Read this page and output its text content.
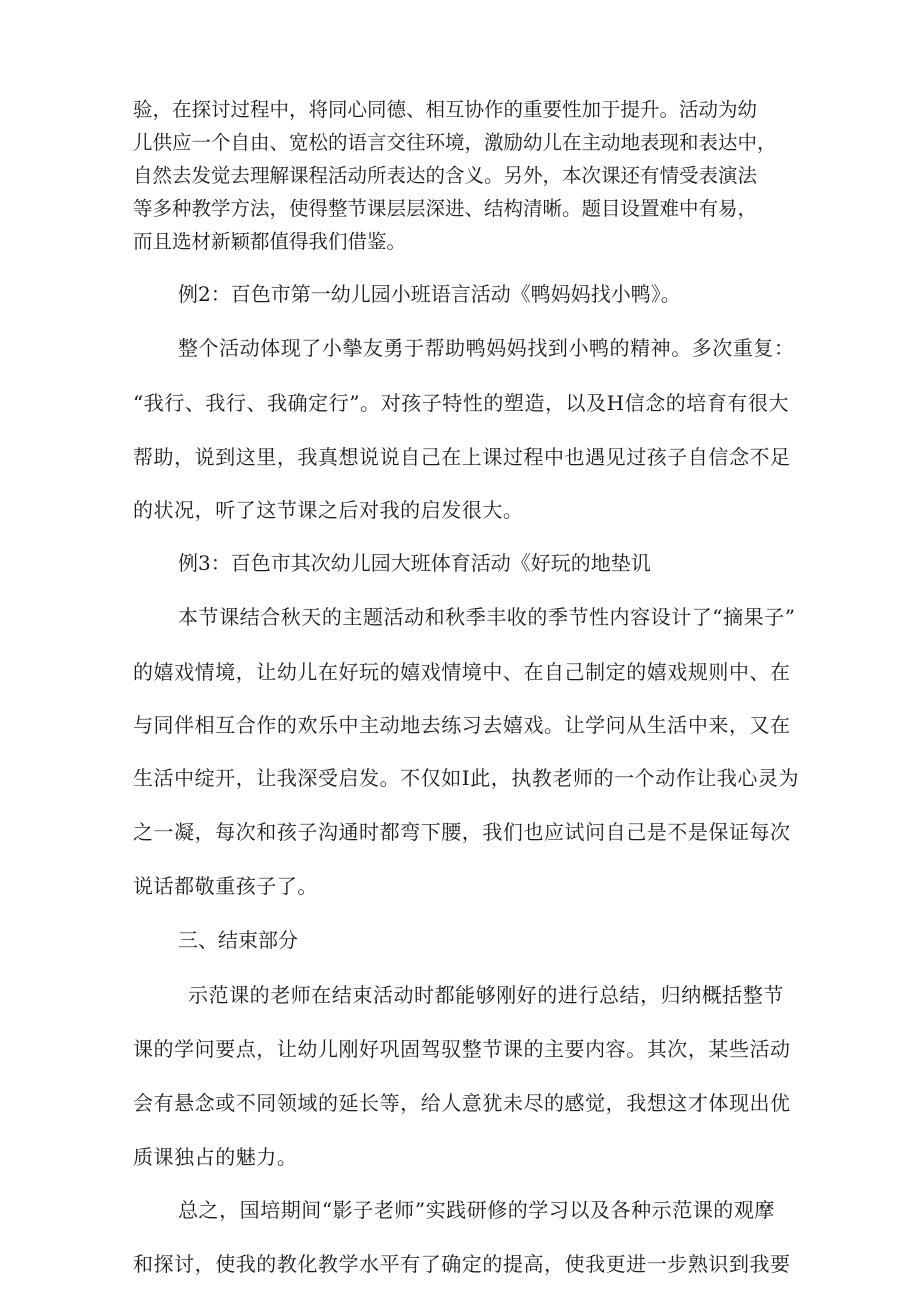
验，在探讨过程中，将同心同德、相互协作的重要性加于提升。活动为幼

儿供应一个自由、宽松的语言交往环境，激励幼儿在主动地表现和表达中，

自然去发觉去理解课程活动所表达的含义。另外，本次课还有情受表演法

等多种教学方法，使得整节课层层深进、结构清晰。题目设置难中有易，

而且选材新颖都值得我们借鉴。

例2：百色市第一幼儿园小班语言活动《鸭妈妈找小鸭》。

整个活动体现了小摰友勇于帮助鸭妈妈找到小鸭的精神。多次重复：

“我行、我行、我确定行”。对孩子特性的塑造，以及H信念的培育有很大

帮助，说到这里，我真想说说自己在上课过程中也遇见过孩子自信念不足

的状况，听了这节课之后对我的启发很大。

例3：百色市其次幼儿园大班体育活动《好玩的地垫讥

本节课结合秋天的主题活动和秋季丰收的季节性内容设计了“摘果子”

的嬉戏情境，让幼儿在好玩的嬉戏情境中、在自己制定的嬉戏规则中、在

与同伴相互合作的欢乐中主动地去练习去嬉戏。让学问从生活中来，又在

生活中绽开，让我深受启发。不仅如I此，执教老师的一个动作让我心灵为

之一凝，每次和孩子沟通时都弯下腰，我们也应试问自己是不是保证每次

说话都敬重孩子了。

三、结束部分

示范课的老师在结束活动时都能够刚好的进行总结，归纳概括整节

课的学问要点，让幼儿刚好巩固驾驭整节课的主要内容。其次，某些活动

会有悬念或不同领域的延长等，给人意犹未尽的感觉，我想这才体现出优

质课独占的魅力。

总之，国培期间“影子老师”实践研修的学习以及各种示范课的观摩

和探讨，使我的教化教学水平有了确定的提高，使我更进一步熟识到我要
